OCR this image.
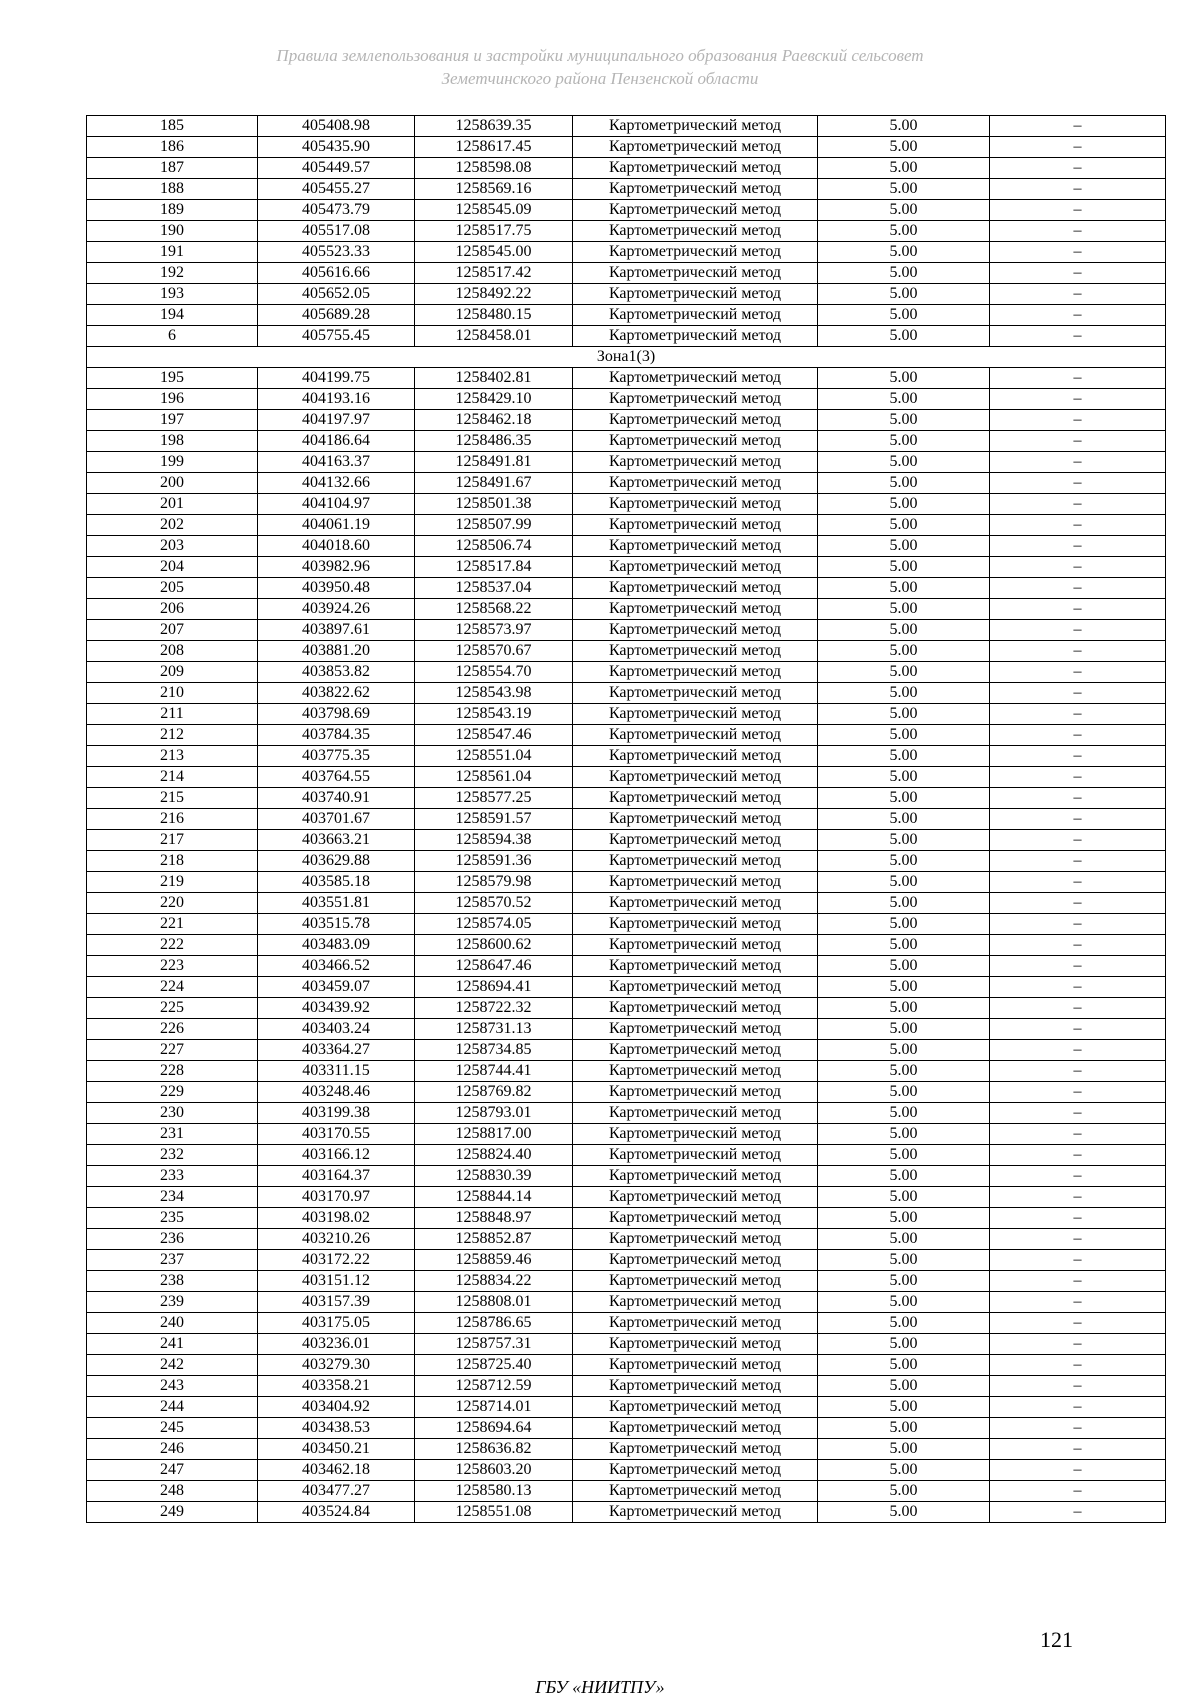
Правила землепользования и застройки муниципального образования Раевский сельсовет
Земетчинского района Пензенской области
185	405408.98	1258639.35	Картометрический метод	5.00	–
186	405435.90	1258617.45	Картометрический метод	5.00	–
187	405449.57	1258598.08	Картометрический метод	5.00	–
188	405455.27	1258569.16	Картометрический метод	5.00	–
189	405473.79	1258545.09	Картометрический метод	5.00	–
190	405517.08	1258517.75	Картометрический метод	5.00	–
191	405523.33	1258545.00	Картометрический метод	5.00	–
192	405616.66	1258517.42	Картометрический метод	5.00	–
193	405652.05	1258492.22	Картометрический метод	5.00	–
194	405689.28	1258480.15	Картометрический метод	5.00	–
6	405755.45	1258458.01	Картометрический метод	5.00	–
Зона1(3)					
195	404199.75	1258402.81	Картометрический метод	5.00	–
196	404193.16	1258429.10	Картометрический метод	5.00	–
197	404197.97	1258462.18	Картометрический метод	5.00	–
198	404186.64	1258486.35	Картометрический метод	5.00	–
199	404163.37	1258491.81	Картометрический метод	5.00	–
200	404132.66	1258491.67	Картометрический метод	5.00	–
201	404104.97	1258501.38	Картометрический метод	5.00	–
202	404061.19	1258507.99	Картометрический метод	5.00	–
203	404018.60	1258506.74	Картометрический метод	5.00	–
204	403982.96	1258517.84	Картометрический метод	5.00	–
205	403950.48	1258537.04	Картометрический метод	5.00	–
206	403924.26	1258568.22	Картометрический метод	5.00	–
207	403897.61	1258573.97	Картометрический метод	5.00	–
208	403881.20	1258570.67	Картометрический метод	5.00	–
209	403853.82	1258554.70	Картометрический метод	5.00	–
210	403822.62	1258543.98	Картометрический метод	5.00	–
211	403798.69	1258543.19	Картометрический метод	5.00	–
212	403784.35	1258547.46	Картометрический метод	5.00	–
213	403775.35	1258551.04	Картометрический метод	5.00	–
214	403764.55	1258561.04	Картометрический метод	5.00	–
215	403740.91	1258577.25	Картометрический метод	5.00	–
216	403701.67	1258591.57	Картометрический метод	5.00	–
217	403663.21	1258594.38	Картометрический метод	5.00	–
218	403629.88	1258591.36	Картометрический метод	5.00	–
219	403585.18	1258579.98	Картометрический метод	5.00	–
220	403551.81	1258570.52	Картометрический метод	5.00	–
221	403515.78	1258574.05	Картометрический метод	5.00	–
222	403483.09	1258600.62	Картометрический метод	5.00	–
223	403466.52	1258647.46	Картометрический метод	5.00	–
224	403459.07	1258694.41	Картометрический метод	5.00	–
225	403439.92	1258722.32	Картометрический метод	5.00	–
226	403403.24	1258731.13	Картометрический метод	5.00	–
227	403364.27	1258734.85	Картометрический метод	5.00	–
228	403311.15	1258744.41	Картометрический метод	5.00	–
229	403248.46	1258769.82	Картометрический метод	5.00	–
230	403199.38	1258793.01	Картометрический метод	5.00	–
231	403170.55	1258817.00	Картометрический метод	5.00	–
232	403166.12	1258824.40	Картометрический метод	5.00	–
233	403164.37	1258830.39	Картометрический метод	5.00	–
234	403170.97	1258844.14	Картометрический метод	5.00	–
235	403198.02	1258848.97	Картометрический метод	5.00	–
236	403210.26	1258852.87	Картометрический метод	5.00	–
237	403172.22	1258859.46	Картометрический метод	5.00	–
238	403151.12	1258834.22	Картометрический метод	5.00	–
239	403157.39	1258808.01	Картометрический метод	5.00	–
240	403175.05	1258786.65	Картометрический метод	5.00	–
241	403236.01	1258757.31	Картометрический метод	5.00	–
242	403279.30	1258725.40	Картометрический метод	5.00	–
243	403358.21	1258712.59	Картометрический метод	5.00	–
244	403404.92	1258714.01	Картометрический метод	5.00	–
245	403438.53	1258694.64	Картометрический метод	5.00	–
246	403450.21	1258636.82	Картометрический метод	5.00	–
247	403462.18	1258603.20	Картометрический метод	5.00	–
248	403477.27	1258580.13	Картометрический метод	5.00	–
249	403524.84	1258551.08	Картометрический метод	5.00	–
121
ГБУ «НИИТПУ»
